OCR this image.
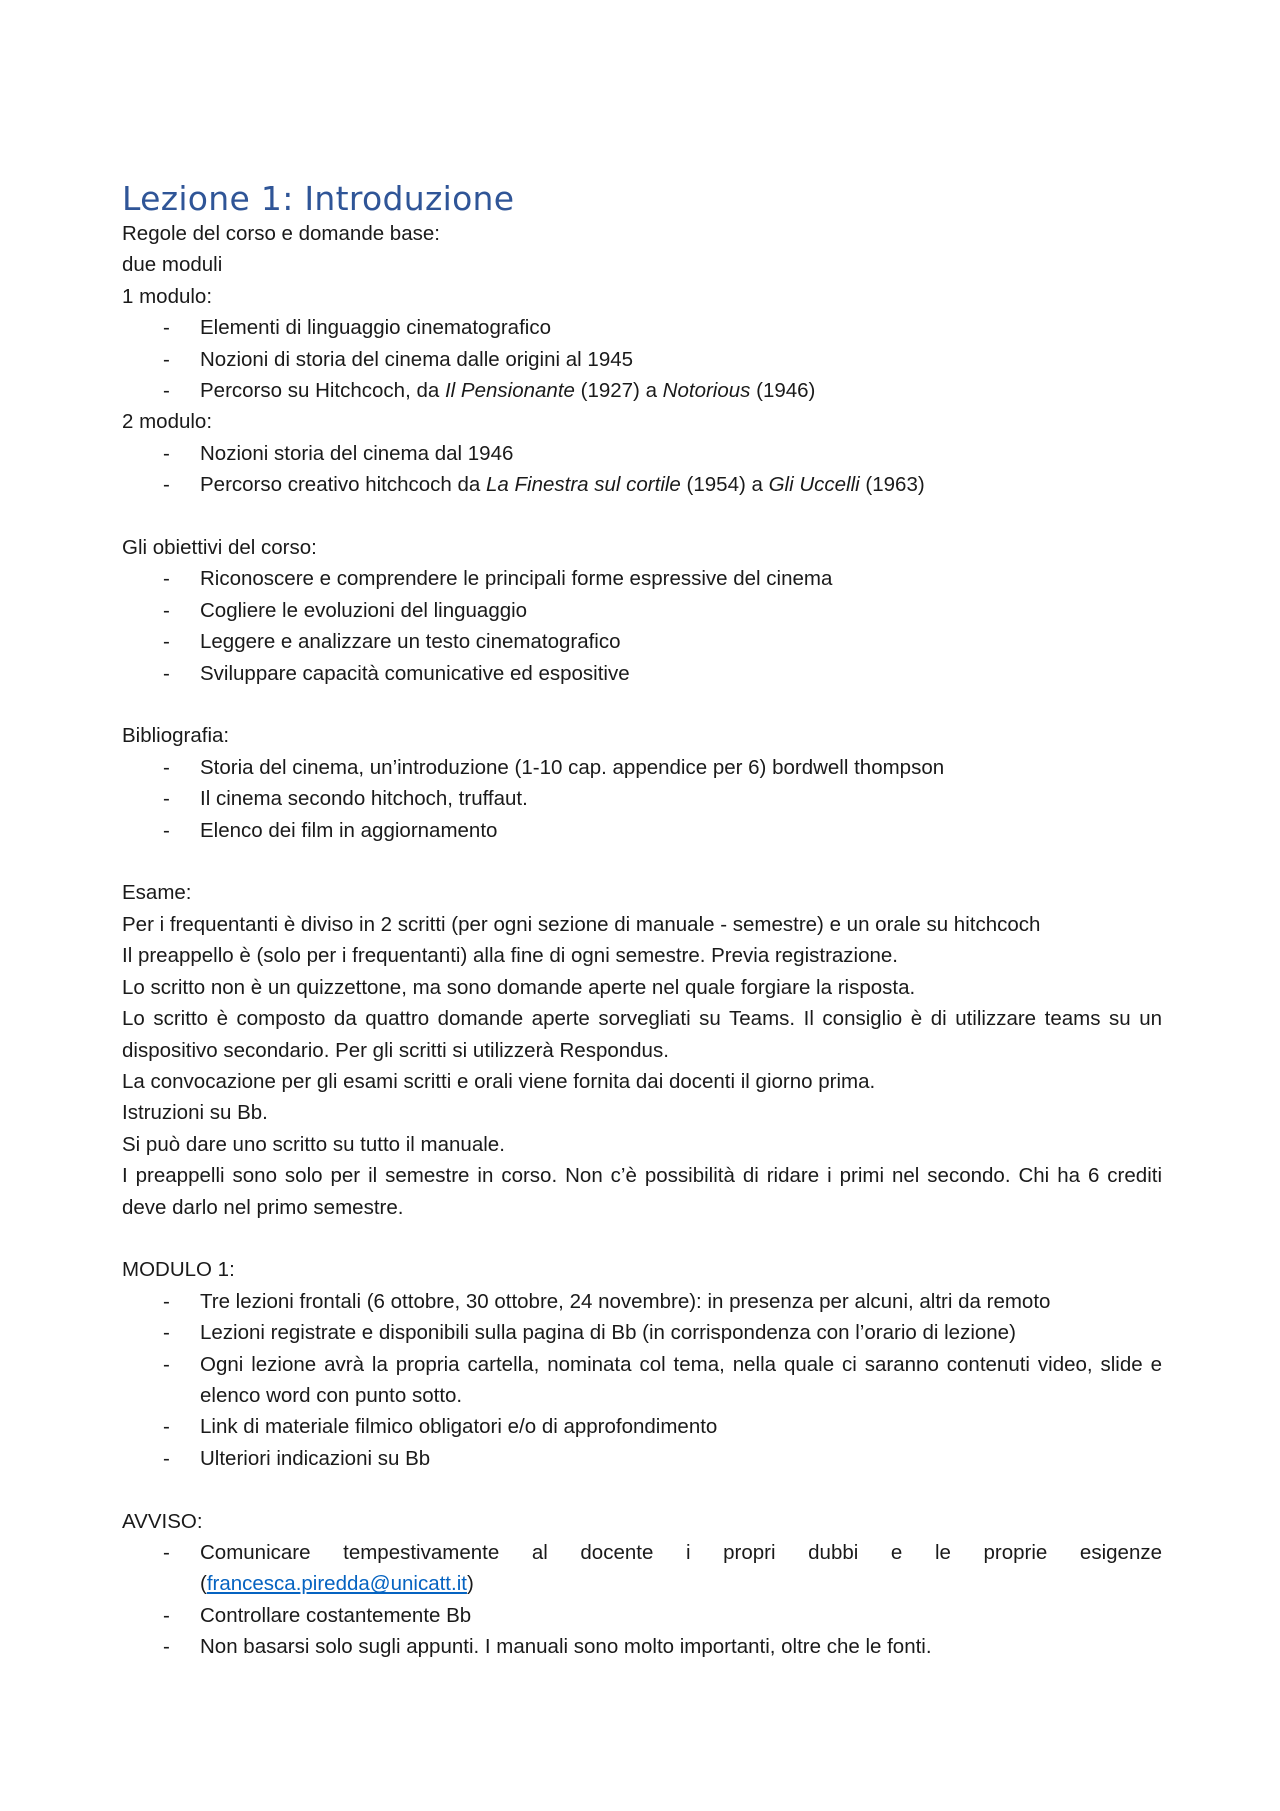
Lezione 1: Introduzione

Regole del corso e domande base:

due moduli

1 modulo:

- Elementi di linguaggio cinematografico
- Nozioni di storia del cinema dalle origini al 1945
- Percorso su Hitchcoch, da Il Pensionante (1927) a Notorious (1946)

2 modulo:

- Nozioni storia del cinema dal 1946
- Percorso creativo hitchcoch da La Finestra sul cortile (1954) a Gli Uccelli (1963)

Gli obiettivi del corso:

- Riconoscere e comprendere le principali forme espressive del cinema
- Cogliere le evoluzioni del linguaggio
- Leggere e analizzare un testo cinematografico
- Sviluppare capacità comunicative ed espositive

Bibliografia:

- Storia del cinema, un’introduzione (1-10 cap. appendice per 6) bordwell thompson
- Il cinema secondo hitchoch, truffaut.
- Elenco dei film in aggiornamento

Esame:

Per i frequentanti è diviso in 2 scritti (per ogni sezione di manuale - semestre) e un orale su hitchcoch

Il preappello è (solo per i frequentanti) alla fine di ogni semestre. Previa registrazione.

Lo scritto non è un quizzettone, ma sono domande aperte nel quale forgiare la risposta.

Lo scritto è composto da quattro domande aperte sorvegliati su Teams. Il consiglio è di utilizzare teams su un dispositivo secondario. Per gli scritti si utilizzerà Respondus.

La convocazione per gli esami scritti e orali viene fornita dai docenti il giorno prima.

Istruzioni su Bb.

Si può dare uno scritto su tutto il manuale.

I preappelli sono solo per il semestre in corso. Non c’è possibilità di ridare i primi nel secondo. Chi ha 6 crediti deve darlo nel primo semestre.

MODULO 1:

- Tre lezioni frontali (6 ottobre, 30 ottobre, 24 novembre): in presenza per alcuni, altri da remoto
- Lezioni registrate e disponibili sulla pagina di Bb (in corrispondenza con l’orario di lezione)
- Ogni lezione avrà la propria cartella, nominata col tema, nella quale ci saranno contenuti video, slide e elenco word con punto sotto.
- Link di materiale filmico obligatori e/o di approfondimento
- Ulteriori indicazioni su Bb

AVVISO:

- Comunicare tempestivamente al docente i propri dubbi e le proprie esigenze
(francesca.piredda@unicatt.it)
- Controllare costantemente Bb
- Non basarsi solo sugli appunti. I manuali sono molto importanti, oltre che le fonti.
